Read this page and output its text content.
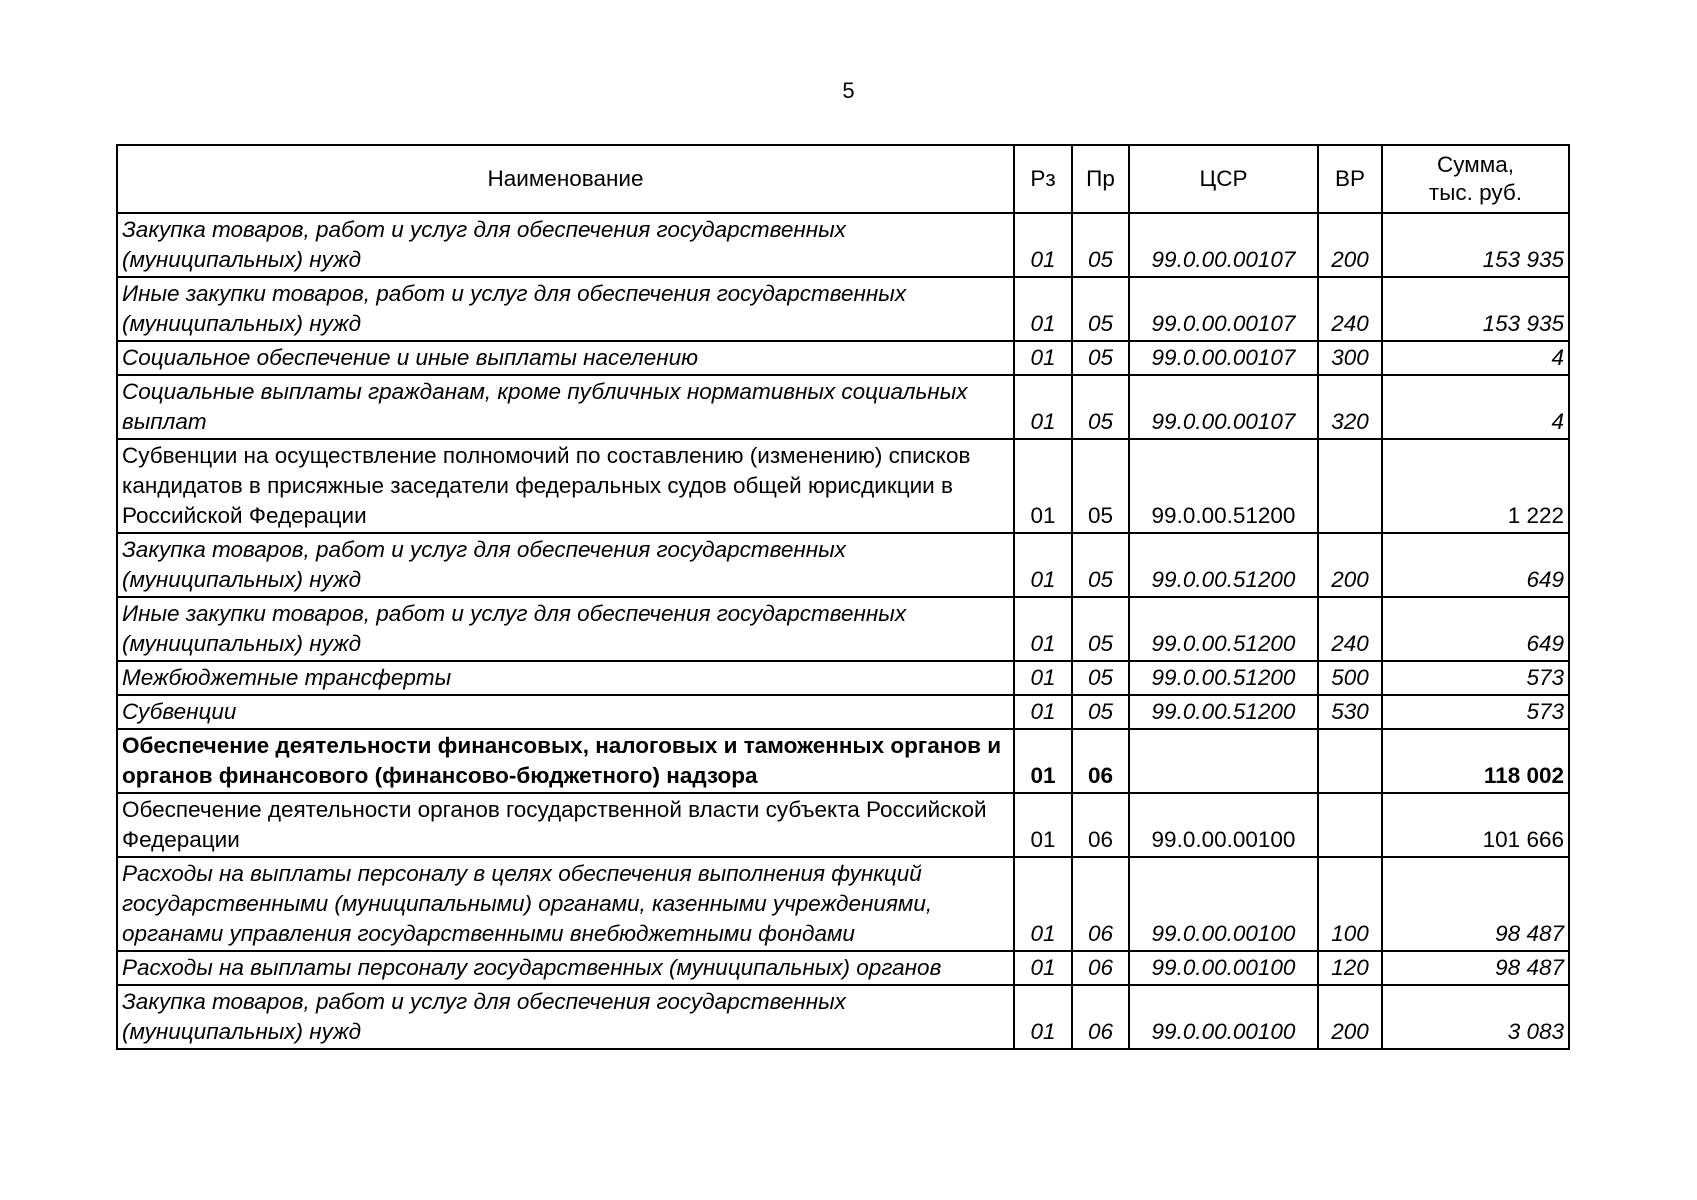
5
Наименование	Рз	Пр	ЦСР	ВР	Сумма,
тыс. руб.

Закупка товаров, работ и услуг для обеспечения государственных (муниципальных) нужд	01	05	99.0.00.00107	200	153 935
Иные закупки товаров, работ и услуг для обеспечения государственных (муниципальных) нужд	01	05	99.0.00.00107	240	153 935
Социальное обеспечение и иные выплаты населению	01	05	99.0.00.00107	300	4
Социальные выплаты гражданам, кроме публичных нормативных социальных выплат	01	05	99.0.00.00107	320	4
Субвенции на осуществление полномочий по составлению (изменению) списков кандидатов в присяжные заседатели федеральных судов общей юрисдикции в Российской Федерации	01	05	99.0.00.51200		1 222
Закупка товаров, работ и услуг для обеспечения государственных (муниципальных) нужд	01	05	99.0.00.51200	200	649
Иные закупки товаров, работ и услуг для обеспечения государственных (муниципальных) нужд	01	05	99.0.00.51200	240	649
Межбюджетные трансферты	01	05	99.0.00.51200	500	573
Субвенции	01	05	99.0.00.51200	530	573
Обеспечение деятельности финансовых, налоговых и таможенных органов и органов финансового (финансово-бюджетного) надзора	01	06			118 002
Обеспечение деятельности органов государственной власти субъекта Российской Федерации	01	06	99.0.00.00100		101 666
Расходы на выплаты персоналу в целях обеспечения выполнения функций государственными (муниципальными) органами, казенными учреждениями, органами управления государственными внебюджетными фондами	01	06	99.0.00.00100	100	98 487
Расходы на выплаты персоналу государственных (муниципальных) органов	01	06	99.0.00.00100	120	98 487
Закупка товаров, работ и услуг для обеспечения государственных (муниципальных) нужд	01	06	99.0.00.00100	200	3 083
